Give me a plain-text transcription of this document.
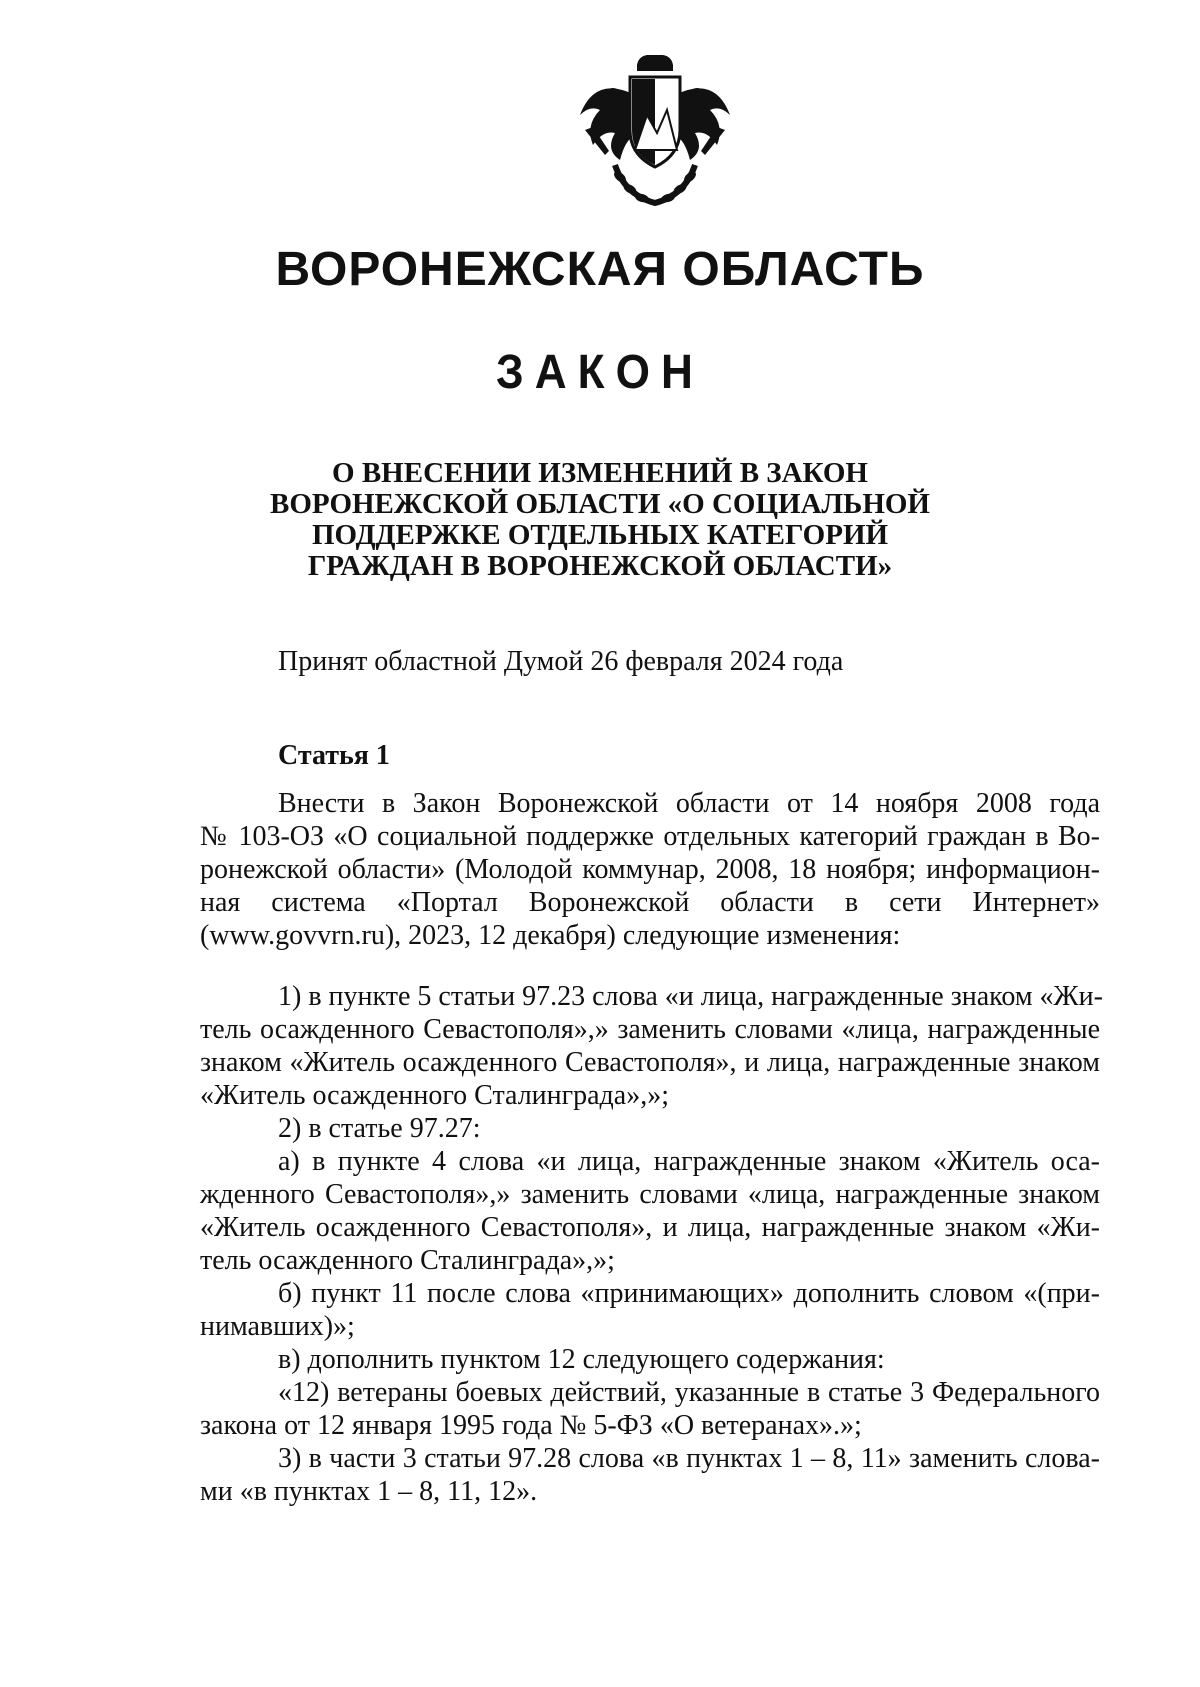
ВОРОНЕЖСКАЯ ОБЛАСТЬ
ЗАКОН
О ВНЕСЕНИИ ИЗМЕНЕНИЙ В ЗАКОН
ВОРОНЕЖСКОЙ ОБЛАСТИ «О СОЦИАЛЬНОЙ
ПОДДЕРЖКЕ ОТДЕЛЬНЫХ КАТЕГОРИЙ
ГРАЖДАН В ВОРОНЕЖСКОЙ ОБЛАСТИ»
Принят областной Думой 26 февраля 2024 года
Статья 1
Внести в Закон Воронежской области от 14 ноября 2008 года
№ 103-ОЗ «О социальной поддержке отдельных категорий граждан в Во-
ронежской области» (Молодой коммунар, 2008, 18 ноября; информацион-
ная система «Портал Воронежской области в сети Интернет»
(www.govvrn.ru), 2023, 12 декабря) следующие изменения:
1) в пункте 5 статьи 97.23 слова «и лица, награжденные знаком «Жи-
тель осажденного Севастополя»,» заменить словами «лица, награжденные
знаком «Житель осажденного Севастополя», и лица, награжденные знаком
«Житель осажденного Сталинграда»,»;
2) в статье 97.27:
а) в пункте 4 слова «и лица, награжденные знаком «Житель оса-
жденного Севастополя»,» заменить словами «лица, награжденные знаком
«Житель осажденного Севастополя», и лица, награжденные знаком «Жи-
тель осажденного Сталинграда»,»;
б) пункт 11 после слова «принимающих» дополнить словом «(при-
нимавших)»;
в) дополнить пунктом 12 следующего содержания:
«12) ветераны боевых действий, указанные в статье 3 Федерального
закона от 12 января 1995 года № 5-ФЗ «О ветеранах».»;
3) в части 3 статьи 97.28 слова «в пунктах 1 – 8, 11» заменить слова-
ми «в пунктах 1 – 8, 11, 12».
